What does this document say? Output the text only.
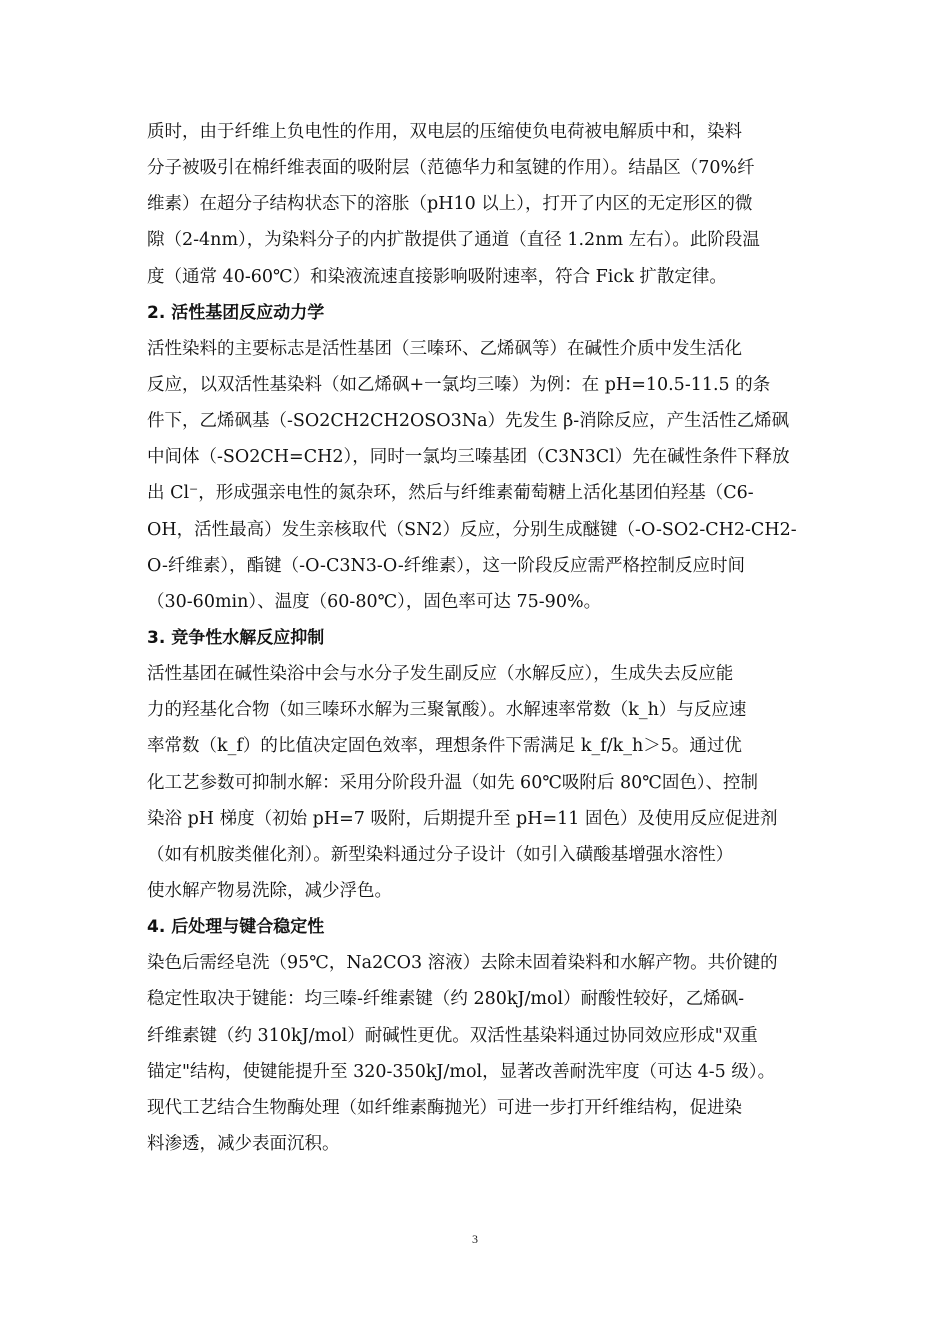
质时，由于纤维上负电性的作用，双电层的压缩使负电荷被电解质中和，染料
分子被吸引在棉纤维表面的吸附层（范德华力和氢键的作用）。结晶区（70%纤
维素）在超分子结构状态下的溶胀（pH10 以上），打开了内区的无定形区的微
隙（2-4nm），为染料分子的内扩散提供了通道（直径 1.2nm 左右）。此阶段温
度（通常 40-60℃）和染液流速直接影响吸附速率，符合 Fick 扩散定律。
2. 活性基团反应动力学
活性染料的主要标志是活性基团（三嗪环、乙烯砜等）在碱性介质中发生活化
反应，以双活性基染料（如乙烯砜+一氯均三嗪）为例：在 pH=10.5-11.5 的条
件下，乙烯砜基（-SO2CH2CH2OSO3Na）先发生 β-消除反应，产生活性乙烯砜
中间体（-SO2CH=CH2），同时一氯均三嗪基团（C3N3Cl）先在碱性条件下释放
出 Cl⁻，形成强亲电性的氮杂环，然后与纤维素葡萄糖上活化基团伯羟基（C6-
OH，活性最高）发生亲核取代（SN2）反应，分别生成醚键（-O-SO2-CH2-CH2-
O-纤维素），酯键（-O-C3N3-O-纤维素），这一阶段反应需严格控制反应时间
（30-60min）、温度（60-80℃），固色率可达 75-90%。
3. 竞争性水解反应抑制
活性基团在碱性染浴中会与水分子发生副反应（水解反应），生成失去反应能
力的羟基化合物（如三嗪环水解为三聚氰酸）。水解速率常数（k_h）与反应速
率常数（k_f）的比值决定固色效率，理想条件下需满足 k_f/k_h＞5。通过优
化工艺参数可抑制水解：采用分阶段升温（如先 60℃吸附后 80℃固色）、控制
染浴 pH 梯度（初始 pH=7 吸附，后期提升至 pH=11 固色）及使用反应促进剂
（如有机胺类催化剂）。新型染料通过分子设计（如引入磺酸基增强水溶性）
使水解产物易洗除，减少浮色。
4. 后处理与键合稳定性
染色后需经皂洗（95℃，Na2CO3 溶液）去除未固着染料和水解产物。共价键的
稳定性取决于键能：均三嗪-纤维素键（约 280kJ/mol）耐酸性较好，乙烯砜-
纤维素键（约 310kJ/mol）耐碱性更优。双活性基染料通过协同效应形成"双重
锚定"结构，使键能提升至 320-350kJ/mol，显著改善耐洗牢度（可达 4-5 级）。
现代工艺结合生物酶处理（如纤维素酶抛光）可进一步打开纤维结构，促进染
料渗透，减少表面沉积。
3
